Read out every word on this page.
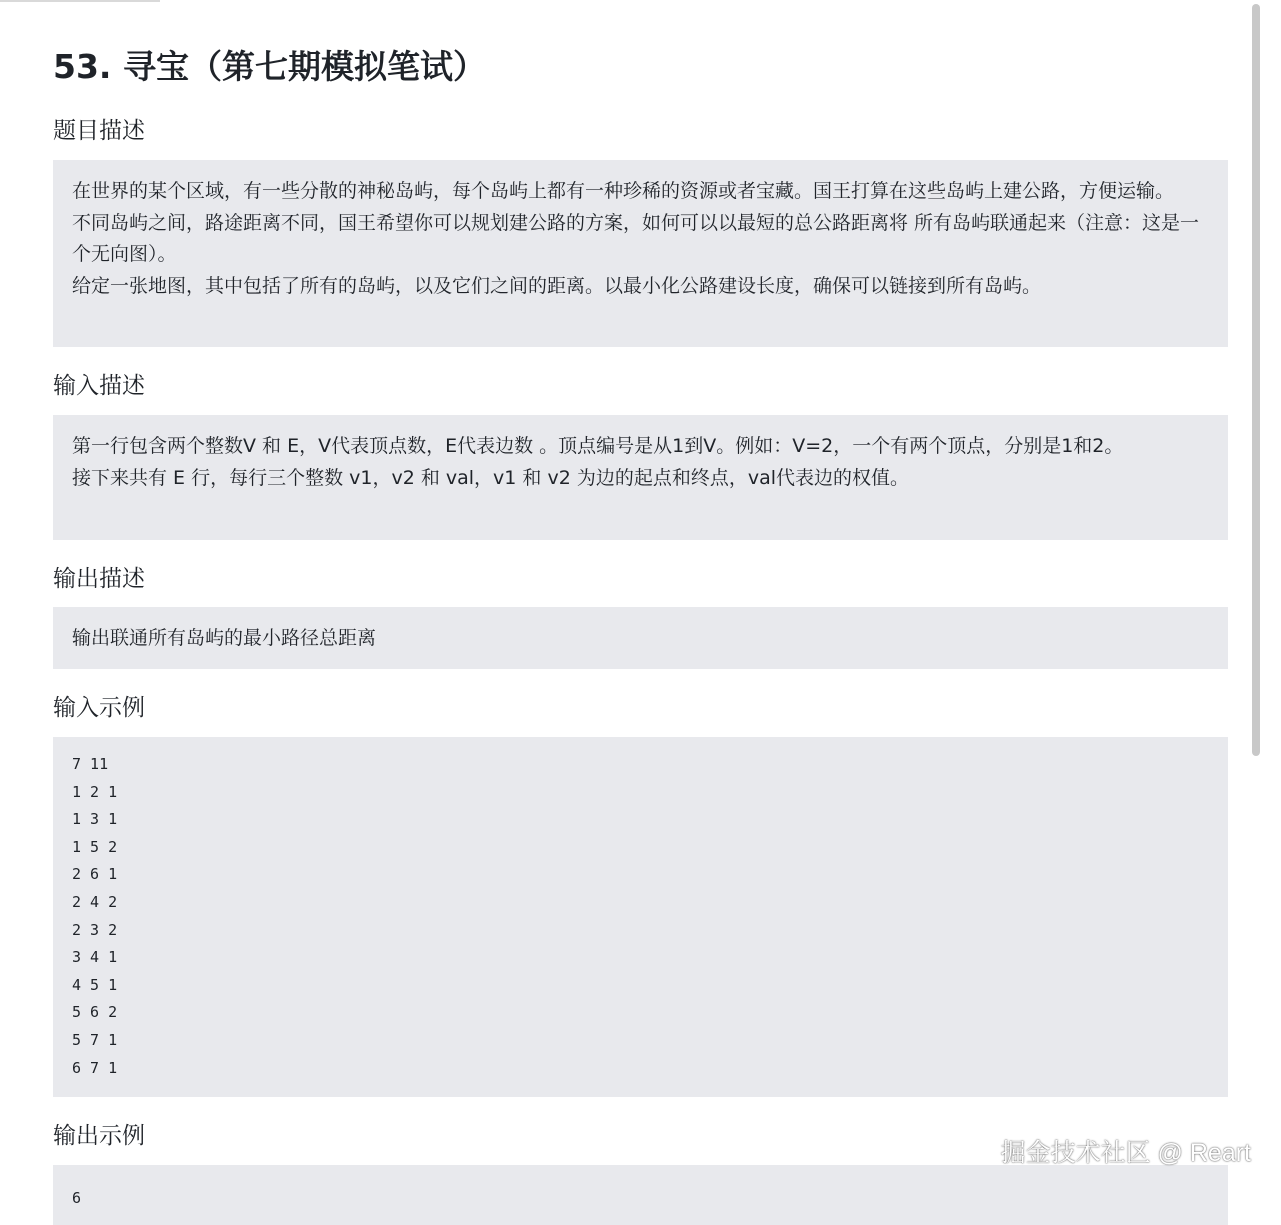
53. 寻宝（第七期模拟笔试）
题目描述

在世界的某个区域，有一些分散的神秘岛屿，每个岛屿上都有一种珍稀的资源或者宝藏。国王打算在这些岛屿上建公路，方便运输。

不同岛屿之间，路途距离不同，国王希望你可以规划建公路的方案，如何可以以最短的总公路距离将 所有岛屿联通起来（注意：这是一个无向图）。

给定一张地图，其中包括了所有的岛屿，以及它们之间的距离。以最小化公路建设长度，确保可以链接到所有岛屿。

输入描述

第一行包含两个整数V 和 E，V代表顶点数，E代表边数 。顶点编号是从1到V。例如：V=2，一个有两个顶点，分别是1和2。

接下来共有 E 行，每行三个整数 v1，v2 和 val，v1 和 v2 为边的起点和终点，val代表边的权值。

输出描述

输出联通所有岛屿的最小路径总距离

输入示例
7 11
1 2 1
1 3 1
1 5 2
2 6 1
2 4 2
2 3 2
3 4 1
4 5 1
5 6 2
5 7 1
6 7 1
输出示例
6
掘金技术社区 @ Reart
